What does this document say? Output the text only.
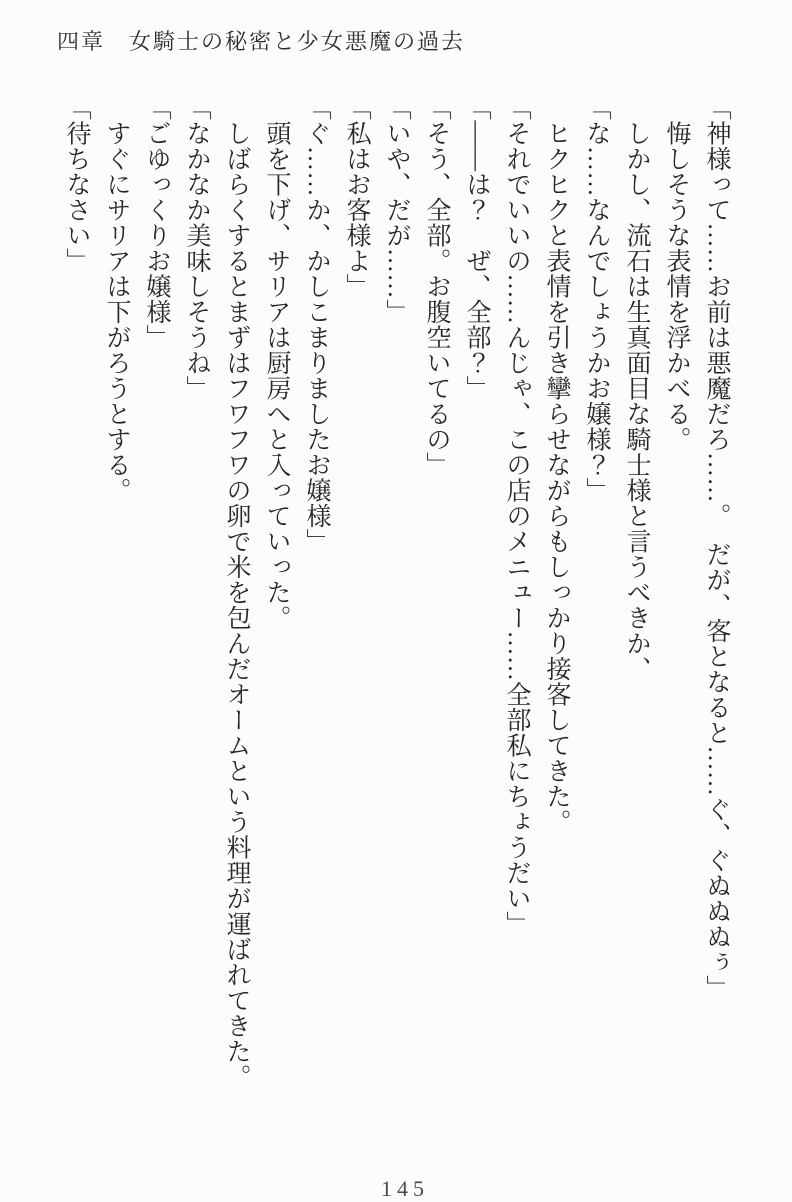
四章　女騎士の秘密と少女悪魔の過去

「神様って……お前は悪魔だろ……。　だが、客となると……ぐ、ぐぬぬぬぅ」

　悔しそうな表情を浮かべる。

　しかし、流石は生真面目な騎士様と言うべきか、

「な……なんでしょうかお嬢様？」

　ヒクヒクと表情を引き攣らせながらもしっかり接客してきた。

「それでいいの……んじゃ、この店のメニュー……全部私にちょうだい」

「――は？　ぜ、全部？」

「そう、全部。お腹空いてるの」

「いや、だが……」

「私はお客様よ」

「ぐ……か、かしこまりましたお嬢様」

　頭を下げ、サリアは厨房へと入っていった。

　しばらくするとまずはフワフワの卵で米を包んだオームという料理が運ばれてきた。

「なかなか美味しそうね」

「ごゆっくりお嬢様」

　すぐにサリアは下がろうとする。

「待ちなさい」

145
